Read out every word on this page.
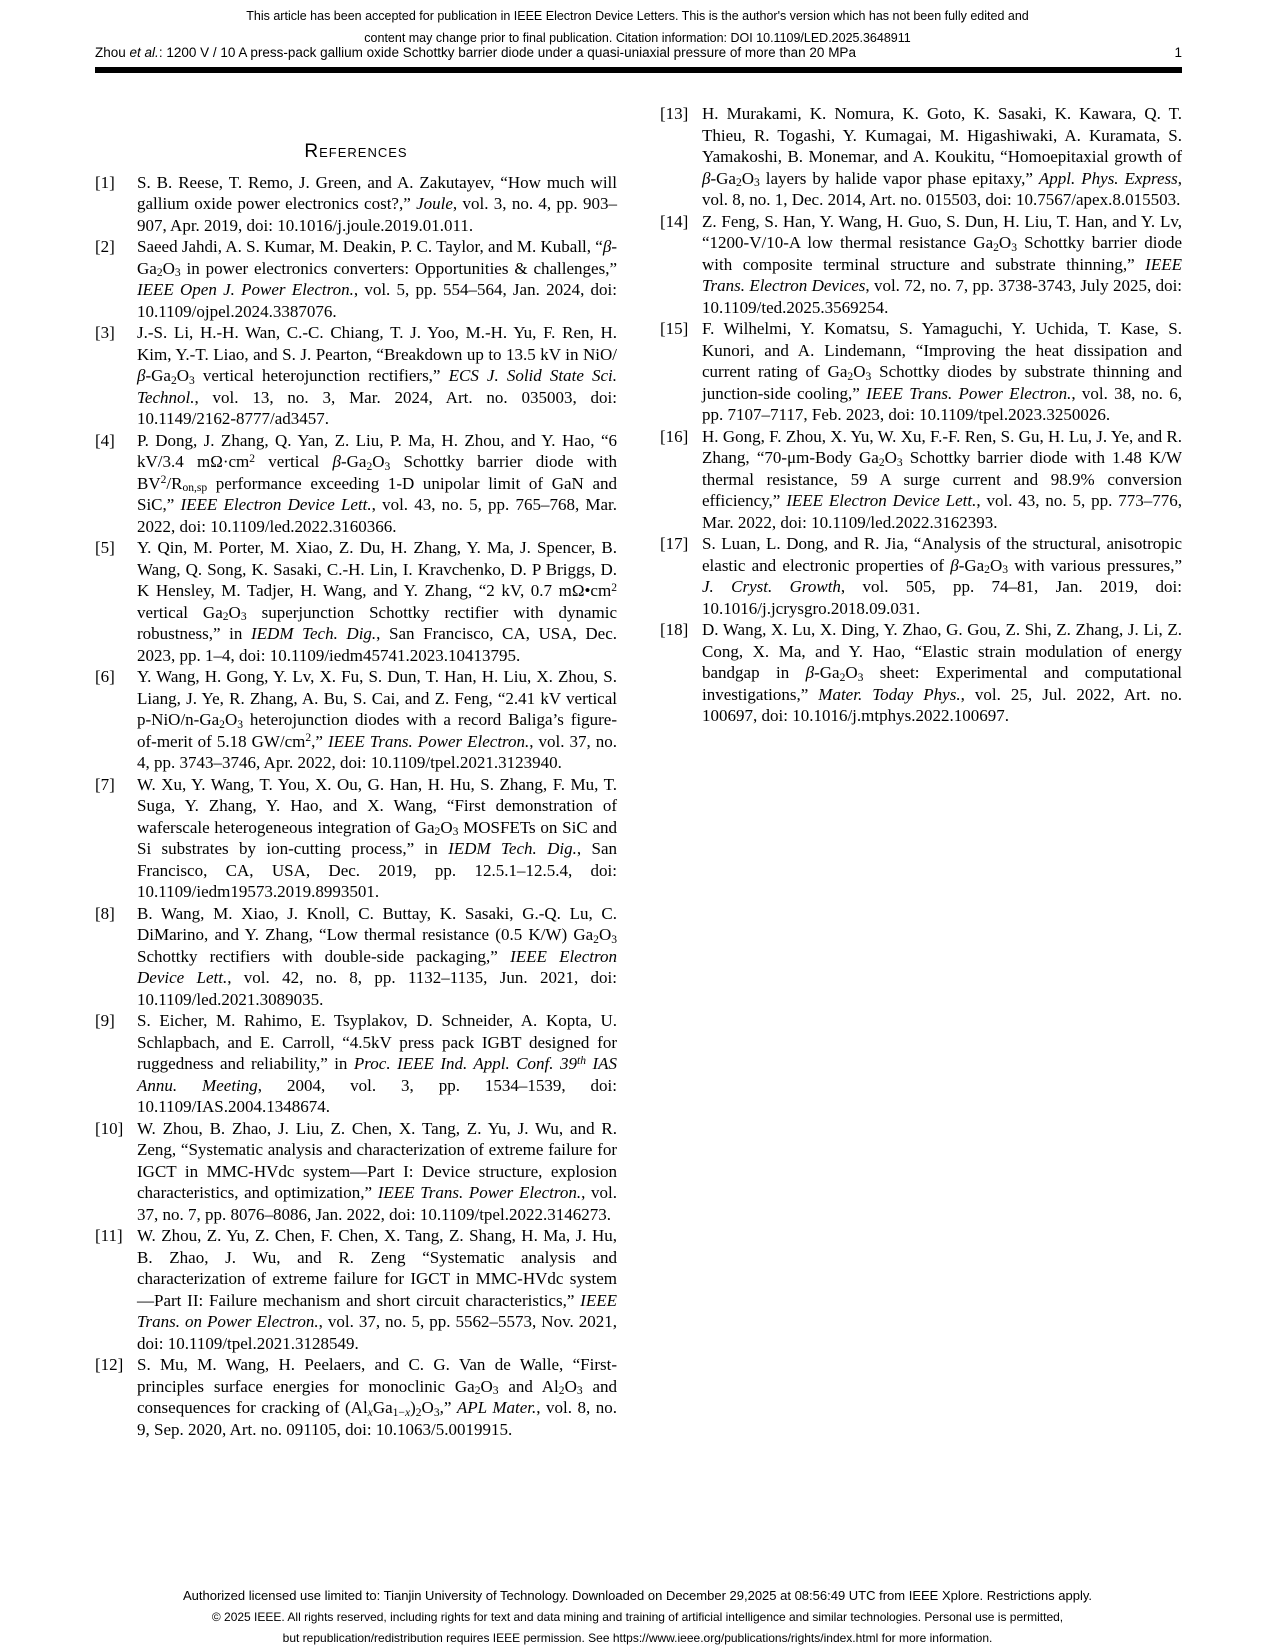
This article has been accepted for publication in IEEE Electron Device Letters. This is the author's version which has not been fully edited and
content may change prior to final publication. Citation information: DOI 10.1109/LED.2025.3648911
Zhou et al.: 1200 V / 10 A press-pack gallium oxide Schottky barrier diode under a quasi-uniaxial pressure of more than 20 MPa	1
References
[1] S. B. Reese, T. Remo, J. Green, and A. Zakutayev, “How much will gallium oxide power electronics cost?,” Joule, vol. 3, no. 4, pp. 903–907, Apr. 2019, doi: 10.1016/j.joule.2019.01.011.
[2] Saeed Jahdi, A. S. Kumar, M. Deakin, P. C. Taylor, and M. Kuball, “$\beta-Ga_2O_3$ in power electronics converters: Opportunities & challenges,” IEEE Open J. Power Electron., vol. 5, pp. 554–564, Jan. 2024, doi: 10.1109/ojpel.2024.3387076.
[3] J.-S. Li, H.-H. Wan, C.-C. Chiang, T. J. Yoo, M.-H. Yu, F. Ren, H. Kim, Y.-T. Liao, and S. J. Pearton, “Breakdown up to 13.5 kV in NiO/$\beta-Ga_2O_3$ vertical heterojunction rectifiers,” ECS J. Solid State Sci. Technol., vol. 13, no. 3, Mar. 2024, Art. no. 035003, doi: 10.1149/2162-8777/ad3457.
[4] P. Dong, J. Zhang, Q. Yan, Z. Liu, P. Ma, H. Zhou, and Y. Hao, “6 kV/3.4 $m\Omega\cdot cm^2$ vertical $\beta-Ga_2O_3$ Schottky barrier diode with $BV^2/R_{on,sp}$ performance exceeding 1-D unipolar limit of GaN and SiC,” IEEE Electron Device Lett., vol. 43, no. 5, pp. 765–768, Mar. 2022, doi: 10.1109/led.2022.3160366.
[5] Y. Qin, M. Porter, M. Xiao, Z. Du, H. Zhang, Y. Ma, J. Spencer, B. Wang, Q. Song, K. Sasaki, C.-H. Lin, I. Kravchenko, D. P Briggs, D. K Hensley, M. Tadjer, H. Wang, and Y. Zhang, “2 kV, 0.7 $m\Omega•cm^2$ vertical $Ga_2O_3$ superjunction Schottky rectifier with dynamic robustness,” in IEDM Tech. Dig., San Francisco, CA, USA, Dec. 2023, pp. 1–4, doi: 10.1109/iedm45741.2023.10413795.
[6] Y. Wang, H. Gong, Y. Lv, X. Fu, S. Dun, T. Han, H. Liu, X. Zhou, S. Liang, J. Ye, R. Zhang, A. Bu, S. Cai, and Z. Feng, “2.41 kV vertical $p-NiO/n-Ga_2O_3$ heterojunction diodes with a record Baliga’s figure-of-merit of 5.18 $GW/cm^2$,” IEEE Trans. Power Electron., vol. 37, no. 4, pp. 3743–3746, Apr. 2022, doi: 10.1109/tpel.2021.3123940.
[7] W. Xu, Y. Wang, T. You, X. Ou, G. Han, H. Hu, S. Zhang, F. Mu, T. Suga, Y. Zhang, Y. Hao, and X. Wang, “First demonstration of waferscale heterogeneous integration of $Ga_2O_3$ MOSFETs on SiC and Si substrates by ion-cutting process,” in IEDM Tech. Dig., San Francisco, CA, USA, Dec. 2019, pp. 12.5.1–12.5.4, doi: 10.1109/iedm19573.2019.8993501.
[8] B. Wang, M. Xiao, J. Knoll, C. Buttay, K. Sasaki, G.-Q. Lu, C. DiMarino, and Y. Zhang, “Low thermal resistance (0.5 K/W) $Ga_2O_3$ Schottky rectifiers with double-side packaging,” IEEE Electron Device Lett., vol. 42, no. 8, pp. 1132–1135, Jun. 2021, doi: 10.1109/led.2021.3089035.
[9] S. Eicher, M. Rahimo, E. Tsyplakov, D. Schneider, A. Kopta, U. Schlapbach, and E. Carroll, “4.5kV press pack IGBT designed for ruggedness and reliability,” in Proc. IEEE Ind. Appl. Conf. 39th IAS Annu. Meeting, 2004, vol. 3, pp. 1534–1539, doi: 10.1109/IAS.2004.1348674.
[10] W. Zhou, B. Zhao, J. Liu, Z. Chen, X. Tang, Z. Yu, J. Wu, and R. Zeng, “Systematic analysis and characterization of extreme failure for IGCT in MMC-HVdc system—Part I: Device structure, explosion characteristics, and optimization,” IEEE Trans. Power Electron., vol. 37, no. 7, pp. 8076–8086, Jan. 2022, doi: 10.1109/tpel.2022.3146273.
[11] W. Zhou, Z. Yu, Z. Chen, F. Chen, X. Tang, Z. Shang, H. Ma, J. Hu, B. Zhao, J. Wu, and R. Zeng “Systematic analysis and characterization of extreme failure for IGCT in MMC-HVdc system—Part II: Failure mechanism and short circuit characteristics,” IEEE Trans. on Power Electron., vol. 37, no. 5, pp. 5562–5573, Nov. 2021, doi: 10.1109/tpel.2021.3128549.
[12] S. Mu, M. Wang, H. Peelaers, and C. G. Van de Walle, “First-principles surface energies for monoclinic $Ga_2O_3$ and $Al_2O_3$ and consequences for cracking of $(Al_xGa_{1-x})_2O_3$,” APL Mater., vol. 8, no. 9, Sep. 2020, Art. no. 091105, doi: 10.1063/5.0019915.
[13] H. Murakami, K. Nomura, K. Goto, K. Sasaki, K. Kawara, Q. T. Thieu, R. Togashi, Y. Kumagai, M. Higashiwaki, A. Kuramata, S. Yamakoshi, B. Monemar, and A. Koukitu, “Homoepitaxial growth of $\beta-Ga_2O_3$ layers by halide vapor phase epitaxy,” Appl. Phys. Express, vol. 8, no. 1, Dec. 2014, Art. no. 015503, doi: 10.7567/apex.8.015503.
[14] Z. Feng, S. Han, Y. Wang, H. Guo, S. Dun, H. Liu, T. Han, and Y. Lv, “1200-V/10-A low thermal resistance $Ga_2O_3$ Schottky barrier diode with composite terminal structure and substrate thinning,” IEEE Trans. Electron Devices, vol. 72, no. 7, pp. 3738-3743, July 2025, doi: 10.1109/ted.2025.3569254.
[15] F. Wilhelmi, Y. Komatsu, S. Yamaguchi, Y. Uchida, T. Kase, S. Kunori, and A. Lindemann, “Improving the heat dissipation and current rating of $Ga_2O_3$ Schottky diodes by substrate thinning and junction-side cooling,” IEEE Trans. Power Electron., vol. 38, no. 6, pp. 7107–7117, Feb. 2023, doi: 10.1109/tpel.2023.3250026.
[16] H. Gong, F. Zhou, X. Yu, W. Xu, F.-F. Ren, S. Gu, H. Lu, J. Ye, and R. Zhang, “70-μm-Body $Ga_2O_3$ Schottky barrier diode with 1.48 K/W thermal resistance, 59 A surge current and 98.9% conversion efficiency,” IEEE Electron Device Lett., vol. 43, no. 5, pp. 773–776, Mar. 2022, doi: 10.1109/led.2022.3162393.
[17] S. Luan, L. Dong, and R. Jia, “Analysis of the structural, anisotropic elastic and electronic properties of $\beta-Ga_2O_3$ with various pressures,” J. Cryst. Growth, vol. 505, pp. 74–81, Jan. 2019, doi: 10.1016/j.jcrysgro.2018.09.031.
[18] D. Wang, X. Lu, X. Ding, Y. Zhao, G. Gou, Z. Shi, Z. Zhang, J. Li, Z. Cong, X. Ma, and Y. Hao, “Elastic strain modulation of energy bandgap in $\beta-Ga_2O_3$ sheet: Experimental and computational investigations,” Mater. Today Phys., vol. 25, Jul. 2022, Art. no. 100697, doi: 10.1016/j.mtphys.2022.100697.
Authorized licensed use limited to: Tianjin University of Technology. Downloaded on December 29,2025 at 08:56:49 UTC from IEEE Xplore. Restrictions apply.
© 2025 IEEE. All rights reserved, including rights for text and data mining and training of artificial intelligence and similar technologies. Personal use is permitted,
but republication/redistribution requires IEEE permission. See https://www.ieee.org/publications/rights/index.html for more information.
